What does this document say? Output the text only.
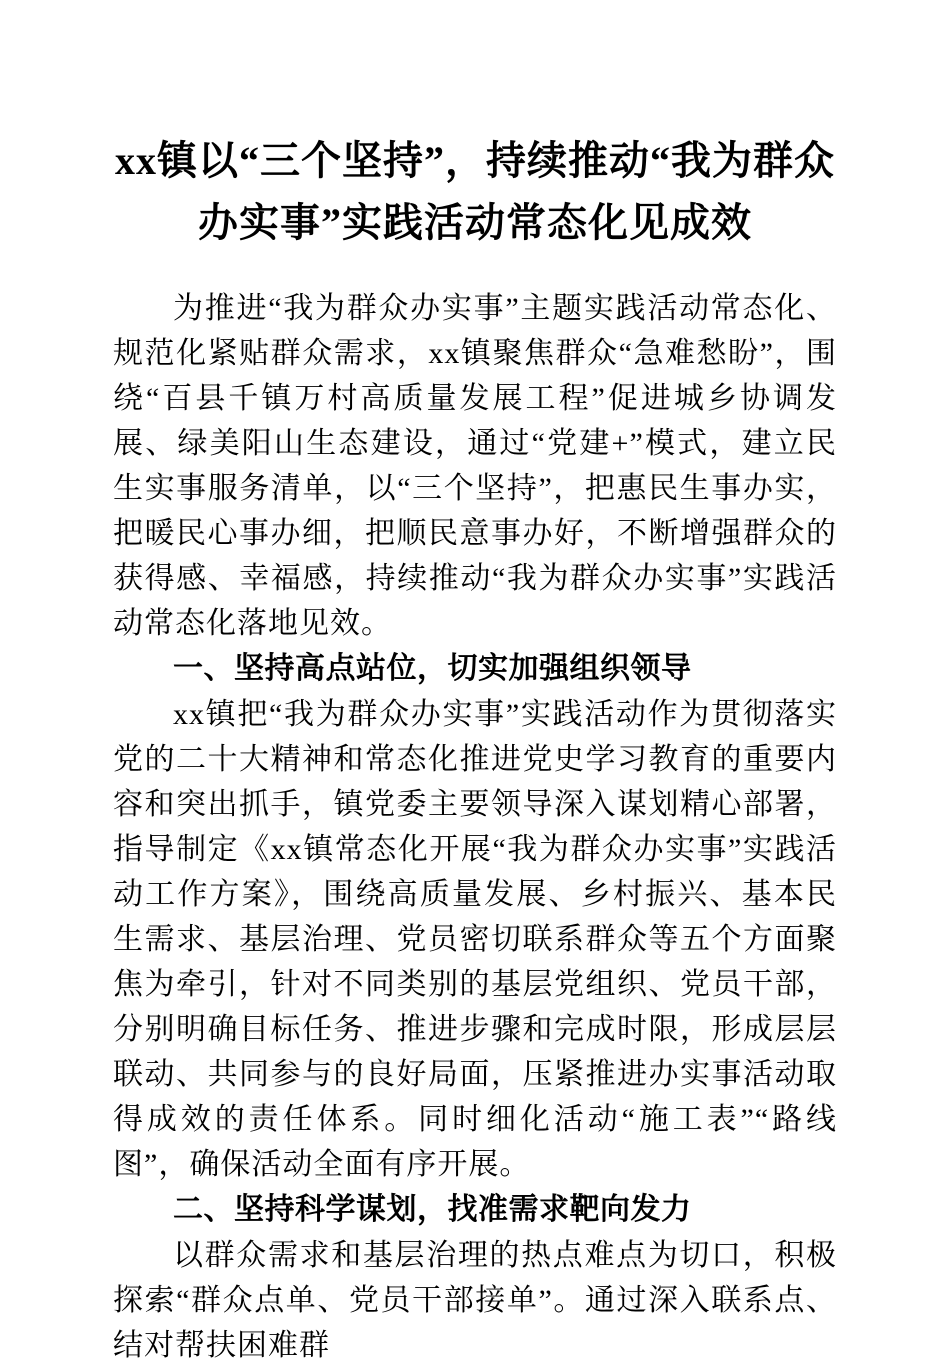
xx镇以“三个坚持”，持续推动“我为群众办实事”实践活动常态化见成效
为推进“我为群众办实事”主题实践活动常态化、规范化紧贴群众需求，xx镇聚焦群众“急难愁盼”，围绕“百县千镇万村高质量发展工程”促进城乡协调发展、绿美阳山生态建设，通过“党建+”模式，建立民生实事服务清单，以“三个坚持”，把惠民生事办实，把暖民心事办细，把顺民意事办好，不断增强群众的获得感、幸福感，持续推动“我为群众办实事”实践活动常态化落地见效。
一、坚持高点站位，切实加强组织领导
xx镇把“我为群众办实事”实践活动作为贯彻落实党的二十大精神和常态化推进党史学习教育的重要内容和突出抓手，镇党委主要领导深入谋划精心部署，指导制定《xx镇常态化开展“我为群众办实事”实践活动工作方案》，围绕高质量发展、乡村振兴、基本民生需求、基层治理、党员密切联系群众等五个方面聚焦为牵引，针对不同类别的基层党组织、党员干部，分别明确目标任务、推进步骤和完成时限，形成层层联动、共同参与的良好局面，压紧推进办实事活动取得成效的责任体系。同时细化活动“施工表”“路线图”，确保活动全面有序开展。
二、坚持科学谋划，找准需求靶向发力
以群众需求和基层治理的热点难点为切口，积极探索“群众点单、党员干部接单”。通过深入联系点、结对帮扶困难群
